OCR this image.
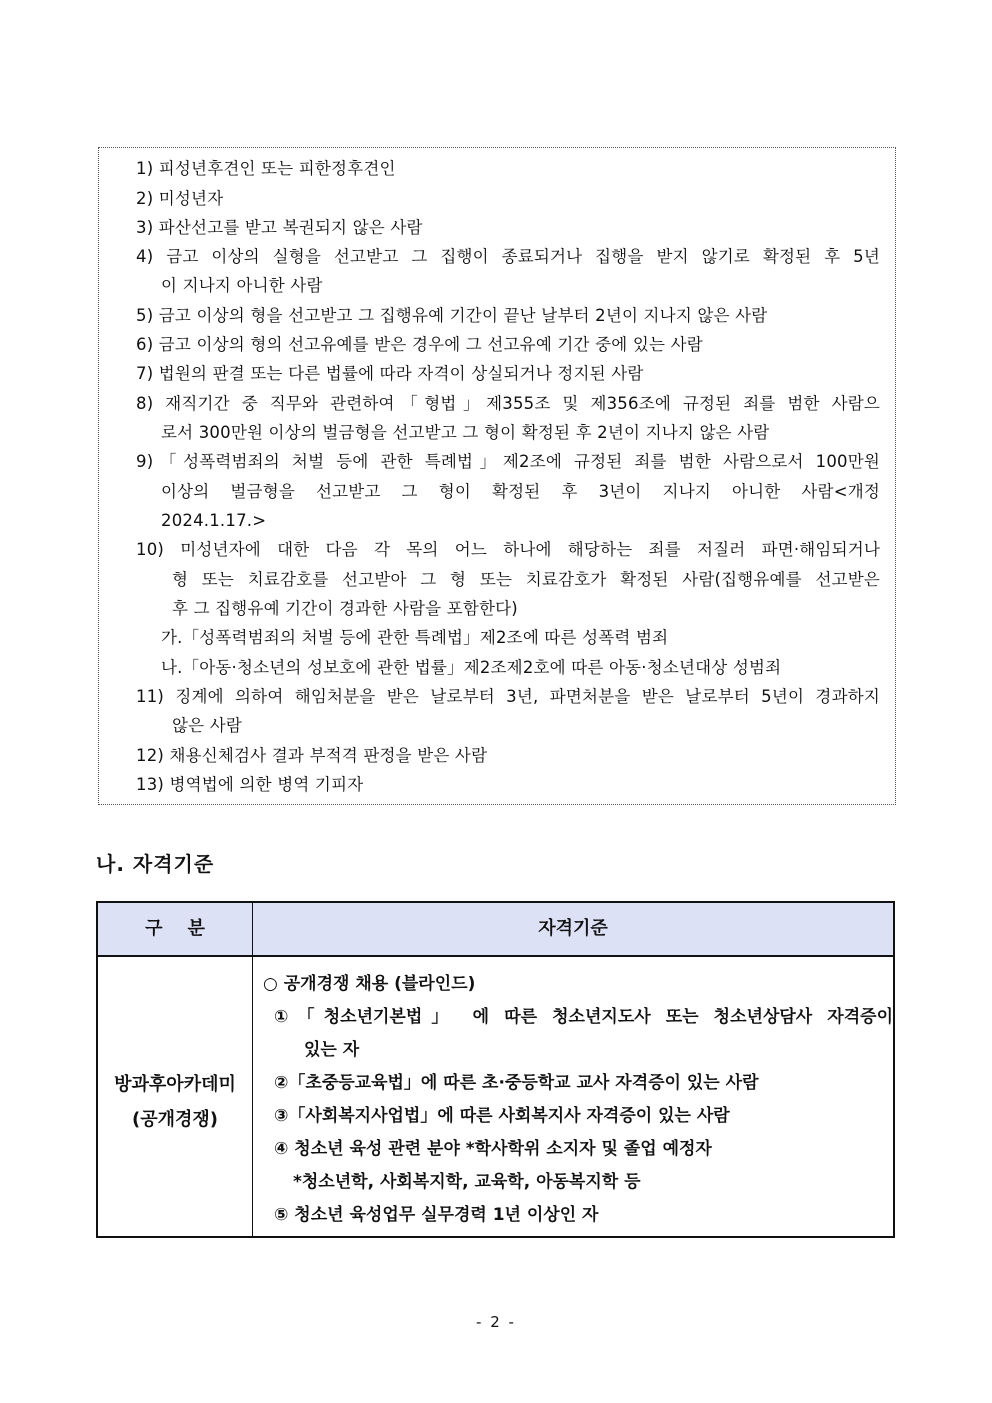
1) 피성년후견인 또는 피한정후견인
2) 미성년자
3) 파산선고를 받고 복권되지 않은 사람
4) 금고 이상의 실형을 선고받고 그 집행이 종료되거나 집행을 받지 않기로 확정된 후 5년
이 지나지 아니한 사람
5) 금고 이상의 형을 선고받고 그 집행유예 기간이 끝난 날부터 2년이 지나지 않은 사람
6) 금고 이상의 형의 선고유예를 받은 경우에 그 선고유예 기간 중에 있는 사람
7) 법원의 판결 또는 다른 법률에 따라 자격이 상실되거나 정지된 사람
8) 재직기간 중 직무와 관련하여「형법」제355조 및 제356조에 규정된 죄를 범한 사람으
로서 300만원 이상의 벌금형을 선고받고 그 형이 확정된 후 2년이 지나지 않은 사람
9)「성폭력범죄의 처벌 등에 관한 특례법」제2조에 규정된 죄를 범한 사람으로서 100만원
이상의 벌금형을 선고받고 그 형이 확정된 후 3년이 지나지 아니한 사람<개정
2024.1.17.>
10) 미성년자에 대한 다음 각 목의 어느 하나에 해당하는 죄를 저질러 파면·해임되거나
형 또는 치료감호를 선고받아 그 형 또는 치료감호가 확정된 사람(집행유예를 선고받은
후 그 집행유예 기간이 경과한 사람을 포함한다)
가.「성폭력범죄의 처벌 등에 관한 특례법」제2조에 따른 성폭력 범죄
나.「아동·청소년의 성보호에 관한 법률」제2조제2호에 따른 아동·청소년대상 성범죄
11) 징계에 의하여 해임처분을 받은 날로부터 3년, 파면처분을 받은 날로부터 5년이 경과하지
않은 사람
12) 채용신체검사 결과 부적격 판정을 받은 사람
13) 병역법에 의한 병역 기피자
나. 자격기준
구    분	자격기준
방과후아카데미
(공개경쟁)
○ 공개경쟁 채용 (블라인드)
①「청소년기본법」 에 따른 청소년지도사 또는 청소년상담사 자격증이
있는 자
②「초중등교육법」에 따른 초·중등학교 교사 자격증이 있는 사람
③「사회복지사업법」에 따른 사회복지사 자격증이 있는 사람
④ 청소년 육성 관련 분야 *학사학위 소지자 및 졸업 예정자
*청소년학, 사회복지학, 교육학, 아동복지학 등
⑤ 청소년 육성업무 실무경력 1년 이상인 자
- 2 -
